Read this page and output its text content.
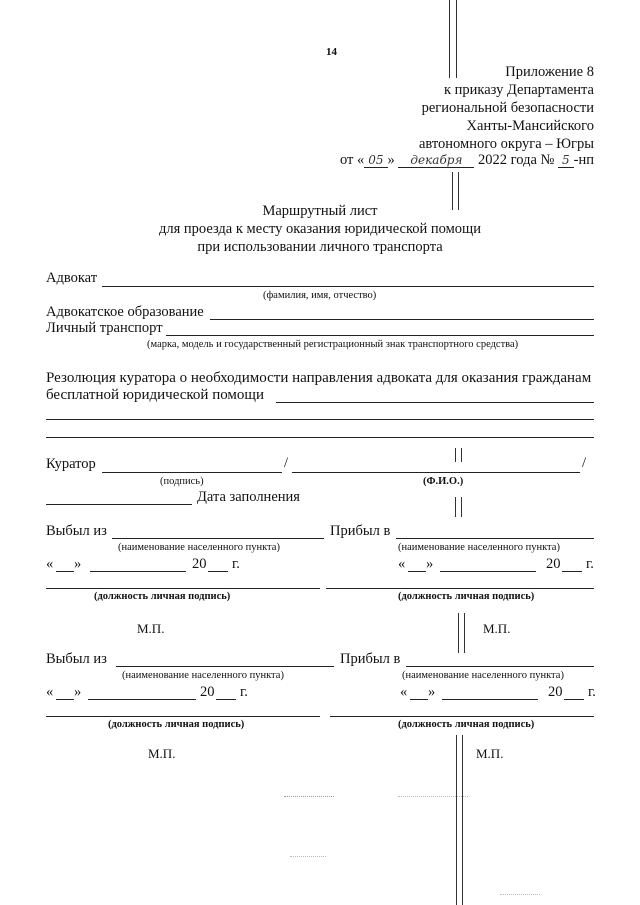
14
Приложение 8
к приказу Департамента
региональной безопасности
Ханты-Мансийского
автономного округа – Югры
от « 05 » декабря 2022 года № 5 -нп
Маршрутный лист
для проезда к месту оказания юридической помощи
при использовании личного транспорта
Адвокат
(фамилия, имя, отчество)
Адвокатское образование
Личный транспорт
(марка, модель и государственный регистрационный знак транспортного средства)
Резолюция куратора о необходимости направления адвоката для оказания гражданам
бесплатной юридической помощи
Куратор	/	/
(подпись)	(Ф.И.О.)
Дата заполнения
Выбыл из	Прибыл в
(наименование населенного пункта)	(наименование населенного пункта)
« »	20 г.	« »	20 г.
(должность личная подпись)	(должность личная подпись)
М.П.	М.П.
Выбыл из	Прибыл в
(наименование населенного пункта)	(наименование населенного пункта)
« »	20 г.	« »	20 г.
(должность личная подпись)	(должность личная подпись)
М.П.	М.П.
